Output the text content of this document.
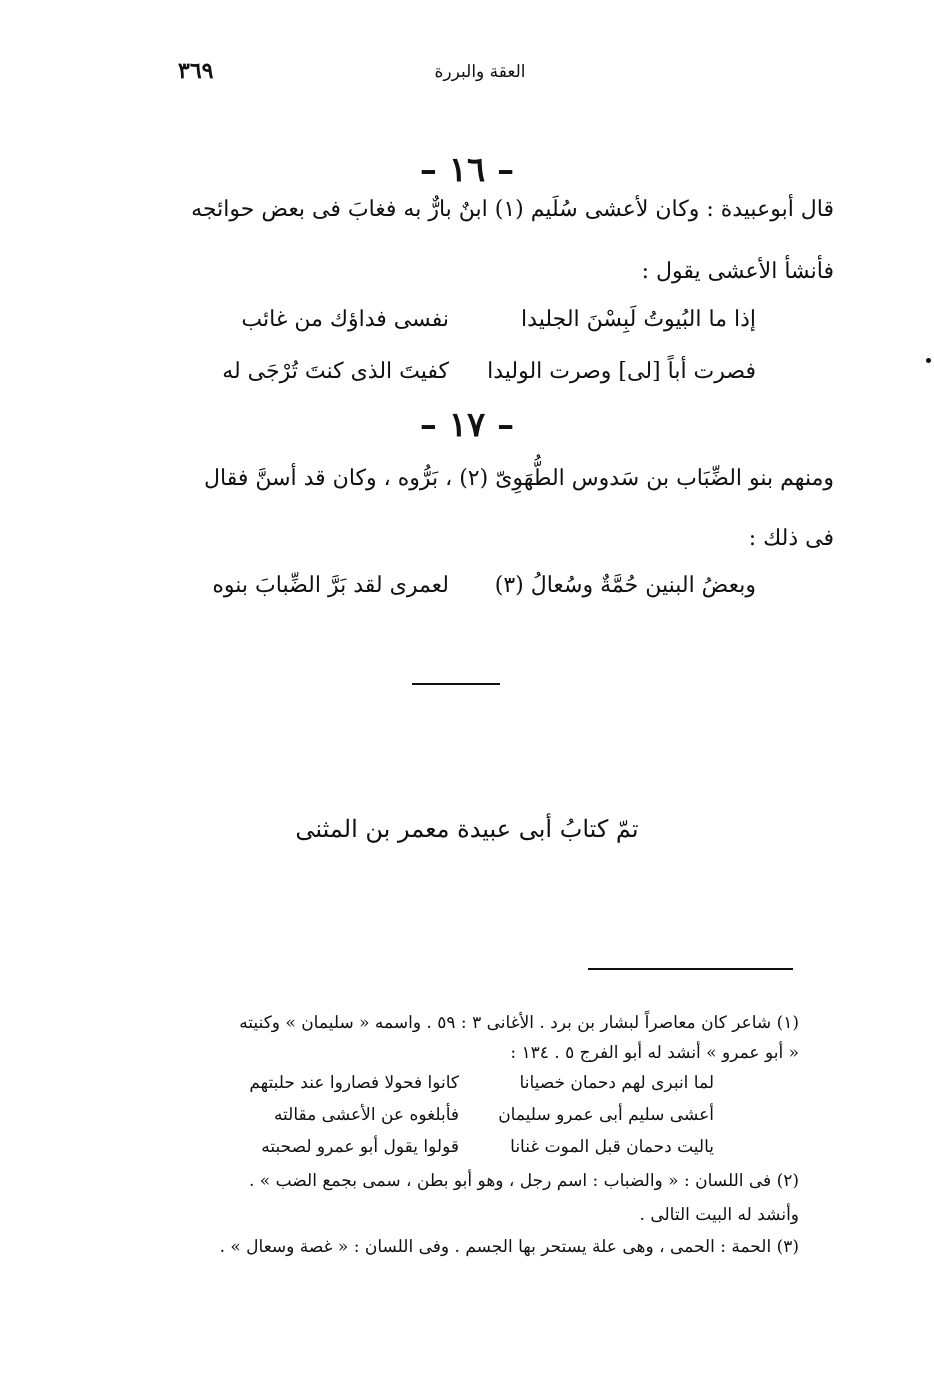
٣٦٩	العقة والبررة
– ١٦ –
قال أبوعبيدة : وكان لأعشى سُلَيم (١) ابنٌ بارٌّ به فغابَ فى بعض حوائجه
فأنشأ الأعشى يقول :
نفسى فداؤك من غائب	إذا ما البُيوتُ لَبِسْنَ الجليدا
كفيتَ الذى كنتَ تُرْجَى له	فصرت أباً [لى] وصرت الوليدا
– ١٧ –
ومنهم بنو الضِّبَاب بن سَدوس الطُّهَوِىّ (٢) ، بَرُّوه ، وكان قد أسنَّ فقال
فى ذلك :
لعمرى لقد بَرَّ الضِّبابَ بنوه	وبعضُ البنين حُمَّةٌ وسُعالُ (٣)
تمّ كتابُ أبى عبيدة معمر بن المثنى
(١) شاعر كان معاصراً لبشار بن برد . الأغانى ٣ : ٥٩ . واسمه « سليمان » وكنيته
« أبو عمرو » أنشد له أبو الفرج ٥ . ١٣٤ :
كانوا فحولا فصاروا عند حلبتهم	لما انبرى لهم دحمان خصيانا
فأبلغوه عن الأعشى مقالته	أعشى سليم أبى عمرو سليمان
قولوا يقول أبو عمرو لصحبته	ياليت دحمان قبل الموت غنانا
(٢) فى اللسان : « والضباب : اسم رجل ، وهو أبو بطن ، سمى بجمع الضب » .
وأنشد له البيت التالى .
(٣) الحمة : الحمى ، وهى علة يستحر بها الجسم . وفى اللسان : « غصة وسعال » .
